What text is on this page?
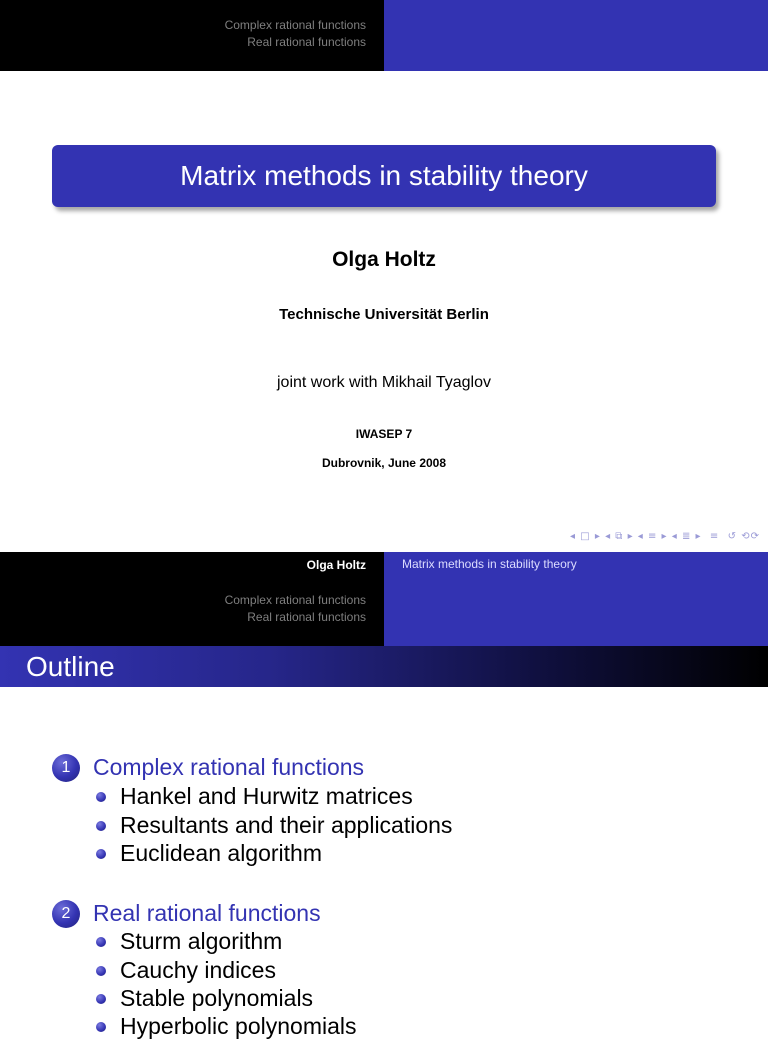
Complex rational functions
Real rational functions
Matrix methods in stability theory
Olga Holtz
Technische Universität Berlin
joint work with Mikhail Tyaglov
IWASEP 7
Dubrovnik, June 2008
◂ □ ▸ ◂ ⧉ ▸ ◂ ≡ ▸ ◂ ≣ ▸  ≡  ↺ ⟲⟳
Olga Holtz
Complex rational functions
Real rational functions
Matrix methods in stability theory
Outline
1 Complex rational functions
Hankel and Hurwitz matrices
Resultants and their applications
Euclidean algorithm
2 Real rational functions
Sturm algorithm
Cauchy indices
Stable polynomials
Hyperbolic polynomials
